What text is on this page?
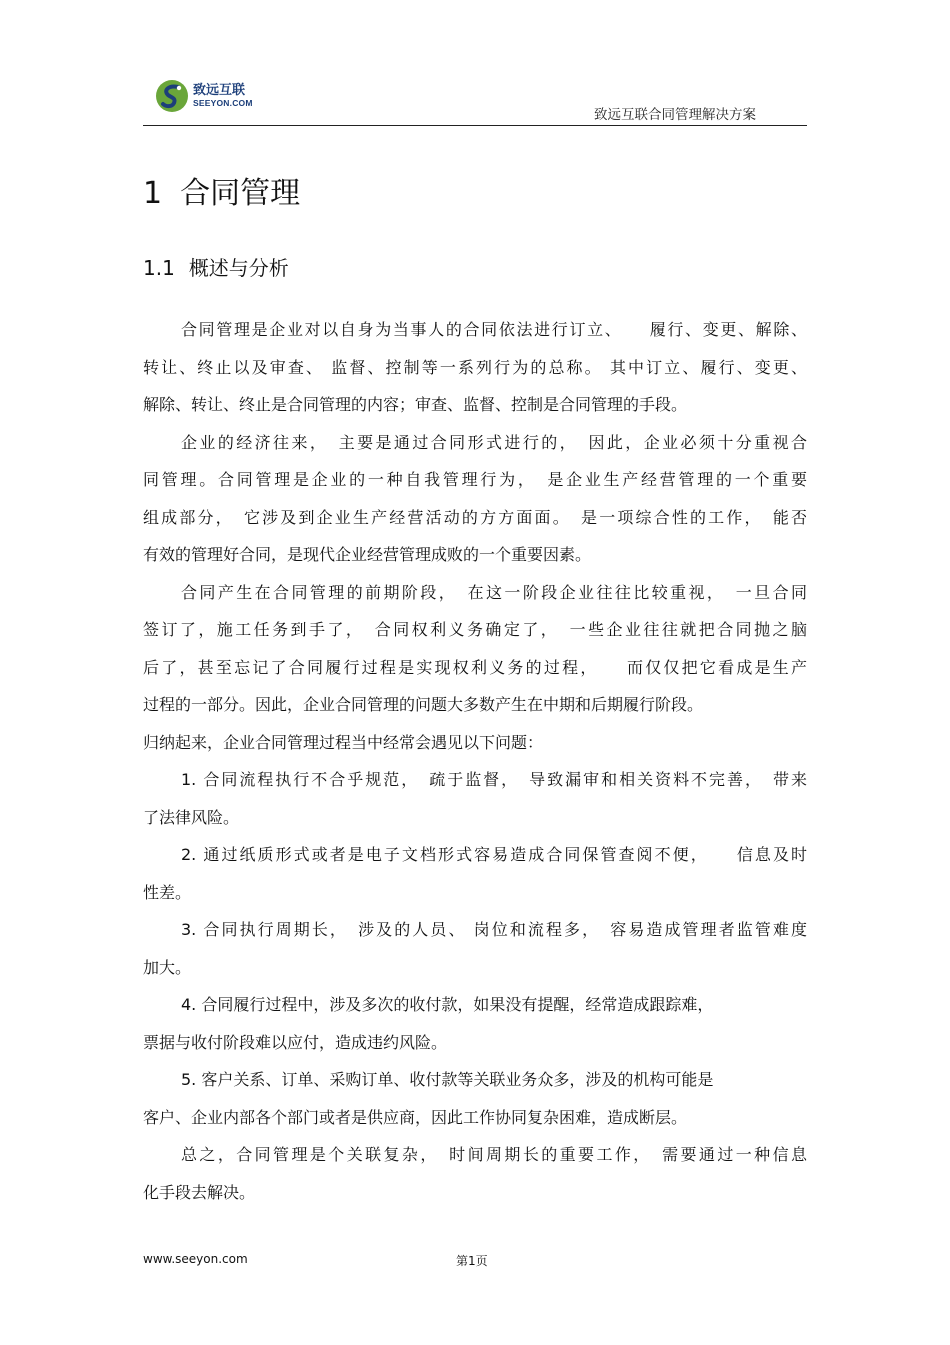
致远互联
SEEYON.COM
致远互联合同管理解决方案
1 合同管理
1.1 概述与分析
合同管理是企业对以自身为当事人的合同依法进行订立、　　履行、变更、解除、
转让、终止以及审查、 监督、控制等一系列行为的总称。 其中订立、履行、变更、
解除、转让、终止是合同管理的内容；审查、监督、控制是合同管理的手段。
企业的经济往来，　主要是通过合同形式进行的，　因此，企业必须十分重视合
同管理。合同管理是企业的一种自我管理行为，　是企业生产经营管理的一个重要
组成部分，　它涉及到企业生产经营活动的方方面面。　是一项综合性的工作，　能否
有效的管理好合同，是现代企业经营管理成败的一个重要因素。
合同产生在合同管理的前期阶段，　在这一阶段企业往往比较重视，　一旦合同
签订了，施工任务到手了，　合同权利义务确定了，　一些企业往往就把合同抛之脑
后了，甚至忘记了合同履行过程是实现权利义务的过程，　　而仅仅把它看成是生产
过程的一部分。因此，企业合同管理的问题大多数产生在中期和后期履行阶段。
归纳起来，企业合同管理过程当中经常会遇见以下问题：
1. 合同流程执行不合乎规范，　疏于监督，　导致漏审和相关资料不完善，　带来
了法律风险。
2. 通过纸质形式或者是电子文档形式容易造成合同保管查阅不便，　　信息及时
性差。
3. 合同执行周期长，　涉及的人员、 岗位和流程多，　容易造成管理者监管难度
加大。
4. 合同履行过程中，涉及多次的收付款，如果没有提醒，经常造成跟踪难，
票据与收付阶段难以应付，造成违约风险。
5. 客户关系、订单、采购订单、收付款等关联业务众多，涉及的机构可能是
客户、企业内部各个部门或者是供应商，因此工作协同复杂困难，造成断层。
总之，合同管理是个关联复杂，　时间周期长的重要工作，　需要通过一种信息
化手段去解决。
www.seeyon.com	第1页
